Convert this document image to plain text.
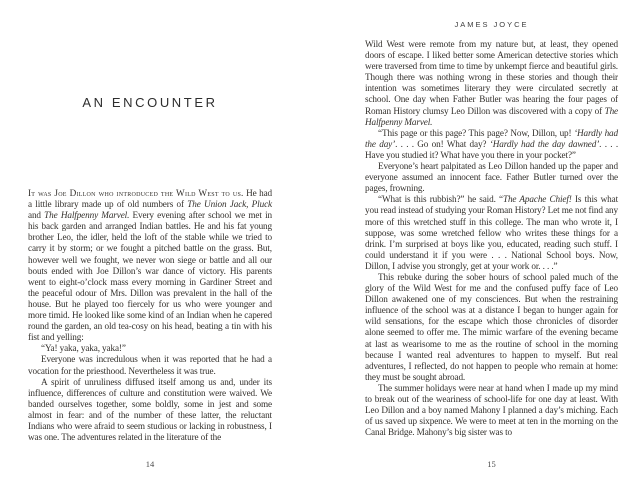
AN ENCOUNTER

It was Joe Dillon who introduced the Wild West to us. He had a little library made up of old numbers of The Union Jack, Pluck and The Halfpenny Marvel. Every evening after school we met in his back garden and arranged Indian battles. He and his fat young brother Leo, the idler, held the loft of the stable while we tried to carry it by storm; or we fought a pitched battle on the grass. But, however well we fought, we never won siege or battle and all our bouts ended with Joe Dillon’s war dance of victory. His parents went to eight-o’clock mass every morning in Gardiner Street and the peaceful odour of Mrs. Dillon was prevalent in the hall of the house. But he played too fiercely for us who were younger and more timid. He looked like some kind of an Indian when he capered round the garden, an old tea-cosy on his head, beating a tin with his fist and yelling:

“Ya! yaka, yaka, yaka!”

Everyone was incredulous when it was reported that he had a vocation for the priesthood. Nevertheless it was true.

A spirit of unruliness diffused itself among us and, under its influence, differences of culture and constitution were waived. We banded ourselves together, some boldly, some in jest and some almost in fear: and of the number of these latter, the reluctant Indians who were afraid to seem studious or lacking in robustness, I was one. The adventures related in the literature of the

14
JAMES JOYCE

Wild West were remote from my nature but, at least, they opened doors of escape. I liked better some American detective stories which were traversed from time to time by unkempt fierce and beautiful girls. Though there was nothing wrong in these stories and though their intention was sometimes literary they were circulated secretly at school. One day when Father Butler was hearing the four pages of Roman History clumsy Leo Dillon was discovered with a copy of The Halfpenny Marvel.

“This page or this page? This page? Now, Dillon, up! ‘Hardly had the day’. . . . Go on! What day? ‘Hardly had the day dawned’. . . . Have you studied it? What have you there in your pocket?”

Everyone’s heart palpitated as Leo Dillon handed up the paper and everyone assumed an innocent face. Father Butler turned over the pages, frowning.

“What is this rubbish?” he said. “The Apache Chief! Is this what you read instead of studying your Roman History? Let me not find any more of this wretched stuff in this college. The man who wrote it, I suppose, was some wretched fellow who writes these things for a drink. I’m surprised at boys like you, educated, reading such stuff. I could understand it if you were . . . National School boys. Now, Dillon, I advise you strongly, get at your work or. . . .”

This rebuke during the sober hours of school paled much of the glory of the Wild West for me and the confused puffy face of Leo Dillon awakened one of my consciences. But when the restraining influence of the school was at a distance I began to hunger again for wild sensations, for the escape which those chronicles of disorder alone seemed to offer me. The mimic warfare of the evening became at last as wearisome to me as the routine of school in the morning because I wanted real adventures to happen to myself. But real adventures, I reflected, do not happen to people who remain at home: they must be sought abroad.

The summer holidays were near at hand when I made up my mind to break out of the weariness of school-life for one day at least. With Leo Dillon and a boy named Mahony I planned a day’s miching. Each of us saved up sixpence. We were to meet at ten in the morning on the Canal Bridge. Mahony’s big sister was to

15
